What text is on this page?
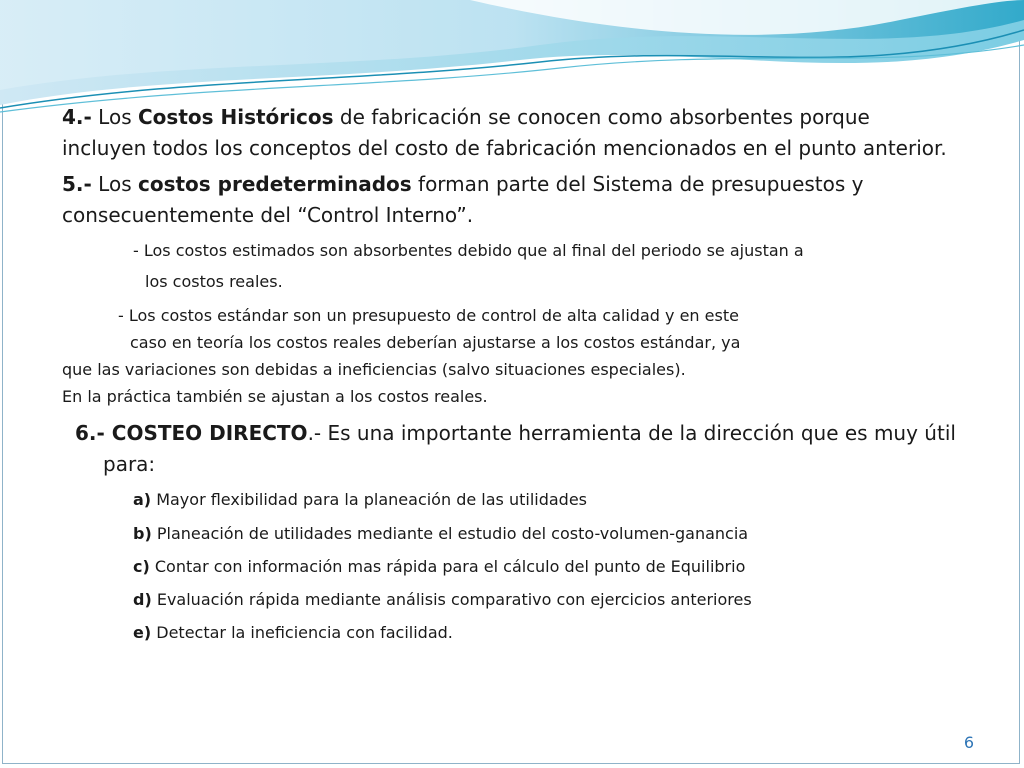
4.- Los Costos Históricos de fabricación se conocen como absorbentes porque
incluyen todos los conceptos del costo de fabricación mencionados en el punto anterior.
5.- Los costos predeterminados forman parte del Sistema de presupuestos y
consecuentemente del “Control Interno”.
- Los costos estimados son absorbentes debido que al final del periodo se ajustan a
los costos reales.
- Los costos estándar son un presupuesto de control de alta calidad y en este
caso en teoría los costos reales deberían ajustarse a los costos estándar, ya
que las variaciones son debidas a ineficiencias (salvo situaciones especiales).
En la práctica también se ajustan a los costos reales.
6.- COSTEO DIRECTO.- Es una importante herramienta de la dirección que es muy útil
para:
a) Mayor flexibilidad para la planeación de las utilidades
b) Planeación de utilidades mediante el estudio del costo-volumen-ganancia
c) Contar con información mas rápida para el cálculo del punto de Equilibrio
d) Evaluación rápida mediante análisis comparativo con ejercicios anteriores
e) Detectar la ineficiencia con facilidad.
6
